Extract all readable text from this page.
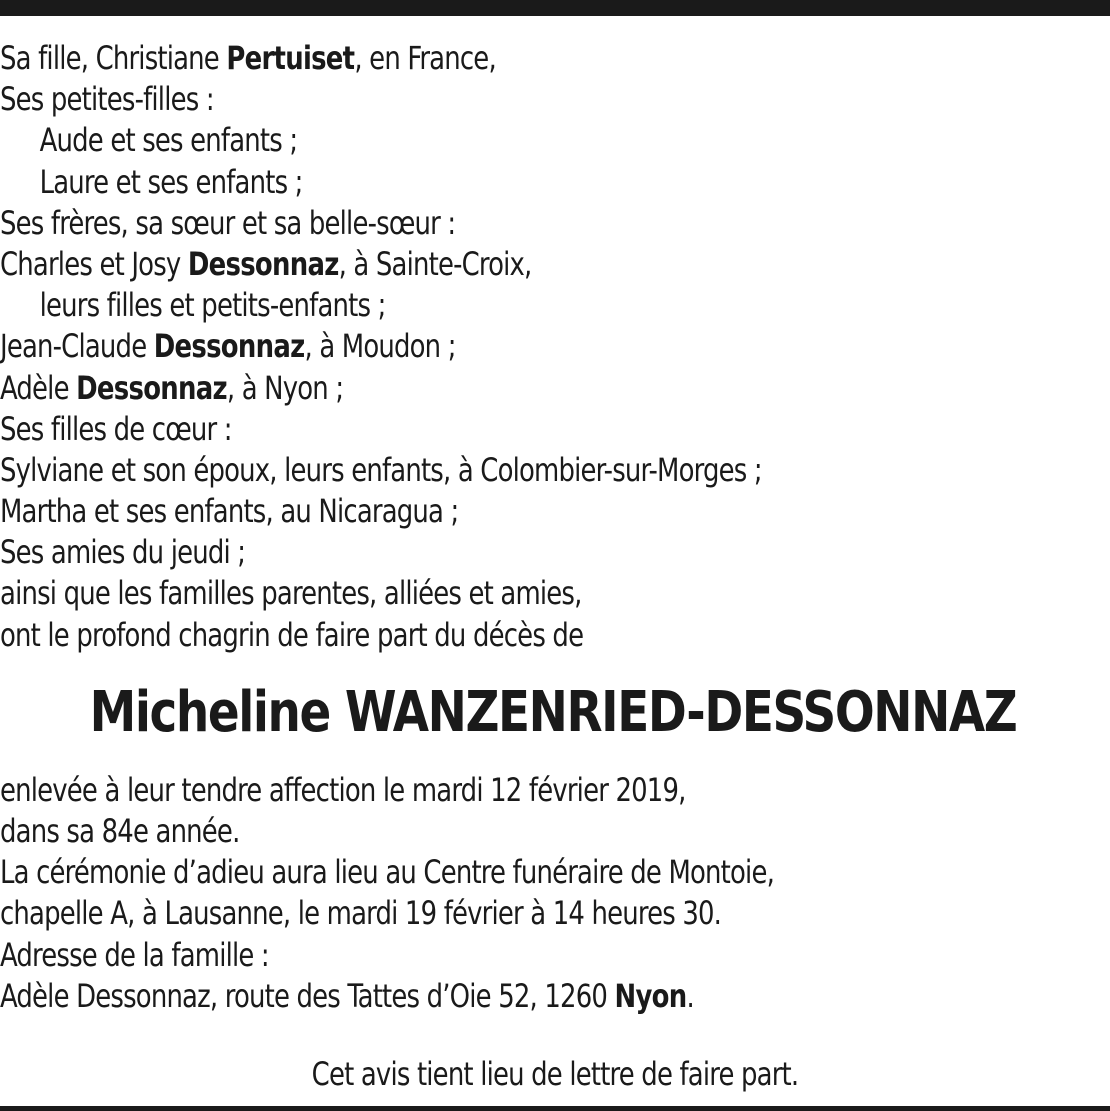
Sa fille, Christiane Pertuiset, en France,
Ses petites-filles :
Aude et ses enfants ;
Laure et ses enfants ;
Ses frères, sa sœur et sa belle-sœur :
Charles et Josy Dessonnaz, à Sainte-Croix,
leurs filles et petits-enfants ;
Jean-Claude Dessonnaz, à Moudon ;
Adèle Dessonnaz, à Nyon ;
Ses filles de cœur :
Sylviane et son époux, leurs enfants, à Colombier-sur-Morges ;
Martha et ses enfants, au Nicaragua ;
Ses amies du jeudi ;
ainsi que les familles parentes, alliées et amies,
ont le profond chagrin de faire part du décès de
Micheline WANZENRIED-DESSONNAZ
enlevée à leur tendre affection le mardi 12 février 2019,
dans sa 84e année.
La cérémonie d’adieu aura lieu au Centre funéraire de Montoie,
chapelle A, à Lausanne, le mardi 19 février à 14 heures 30.
Adresse de la famille :
Adèle Dessonnaz, route des Tattes d’Oie 52, 1260 Nyon.
Cet avis tient lieu de lettre de faire part.
